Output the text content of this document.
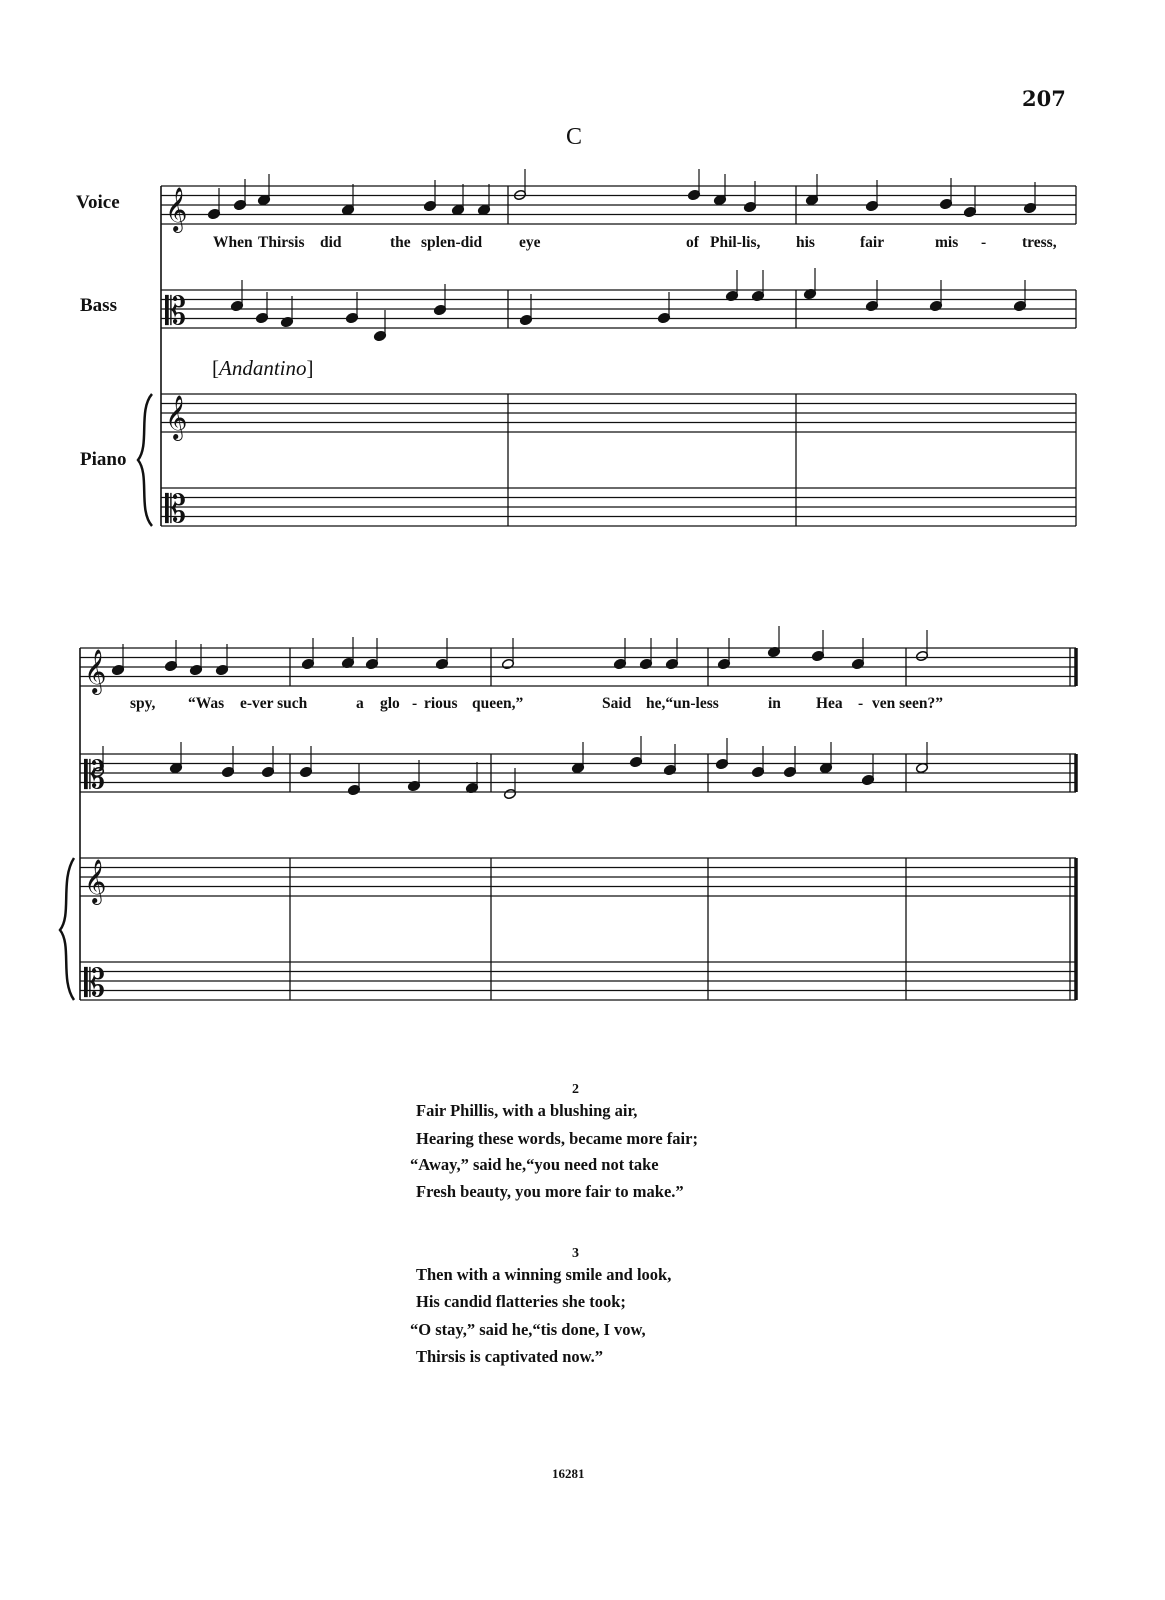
207
C
Voice
Bass
Piano
[Andantino]
𝄞
𝄡
𝄞
𝄡
𝄞
𝄡
𝄞
𝄡
When Thirsis did	the splen-did eye	of Phil-lis, his	fair	mis - tress,
spy, “Was e-ver such	a glo - rious queen,”	Said he,“un-less	in Hea - ven seen?”
2
Fair Phillis, with a blushing air,
Hearing these words, became more fair;
“Away,” said he,“you need not take
Fresh beauty, you more fair to make.”
3
Then with a winning smile and look,
His candid flatteries she took;
“O stay,” said he,“tis done, I vow,
Thirsis is captivated now.”
16281
